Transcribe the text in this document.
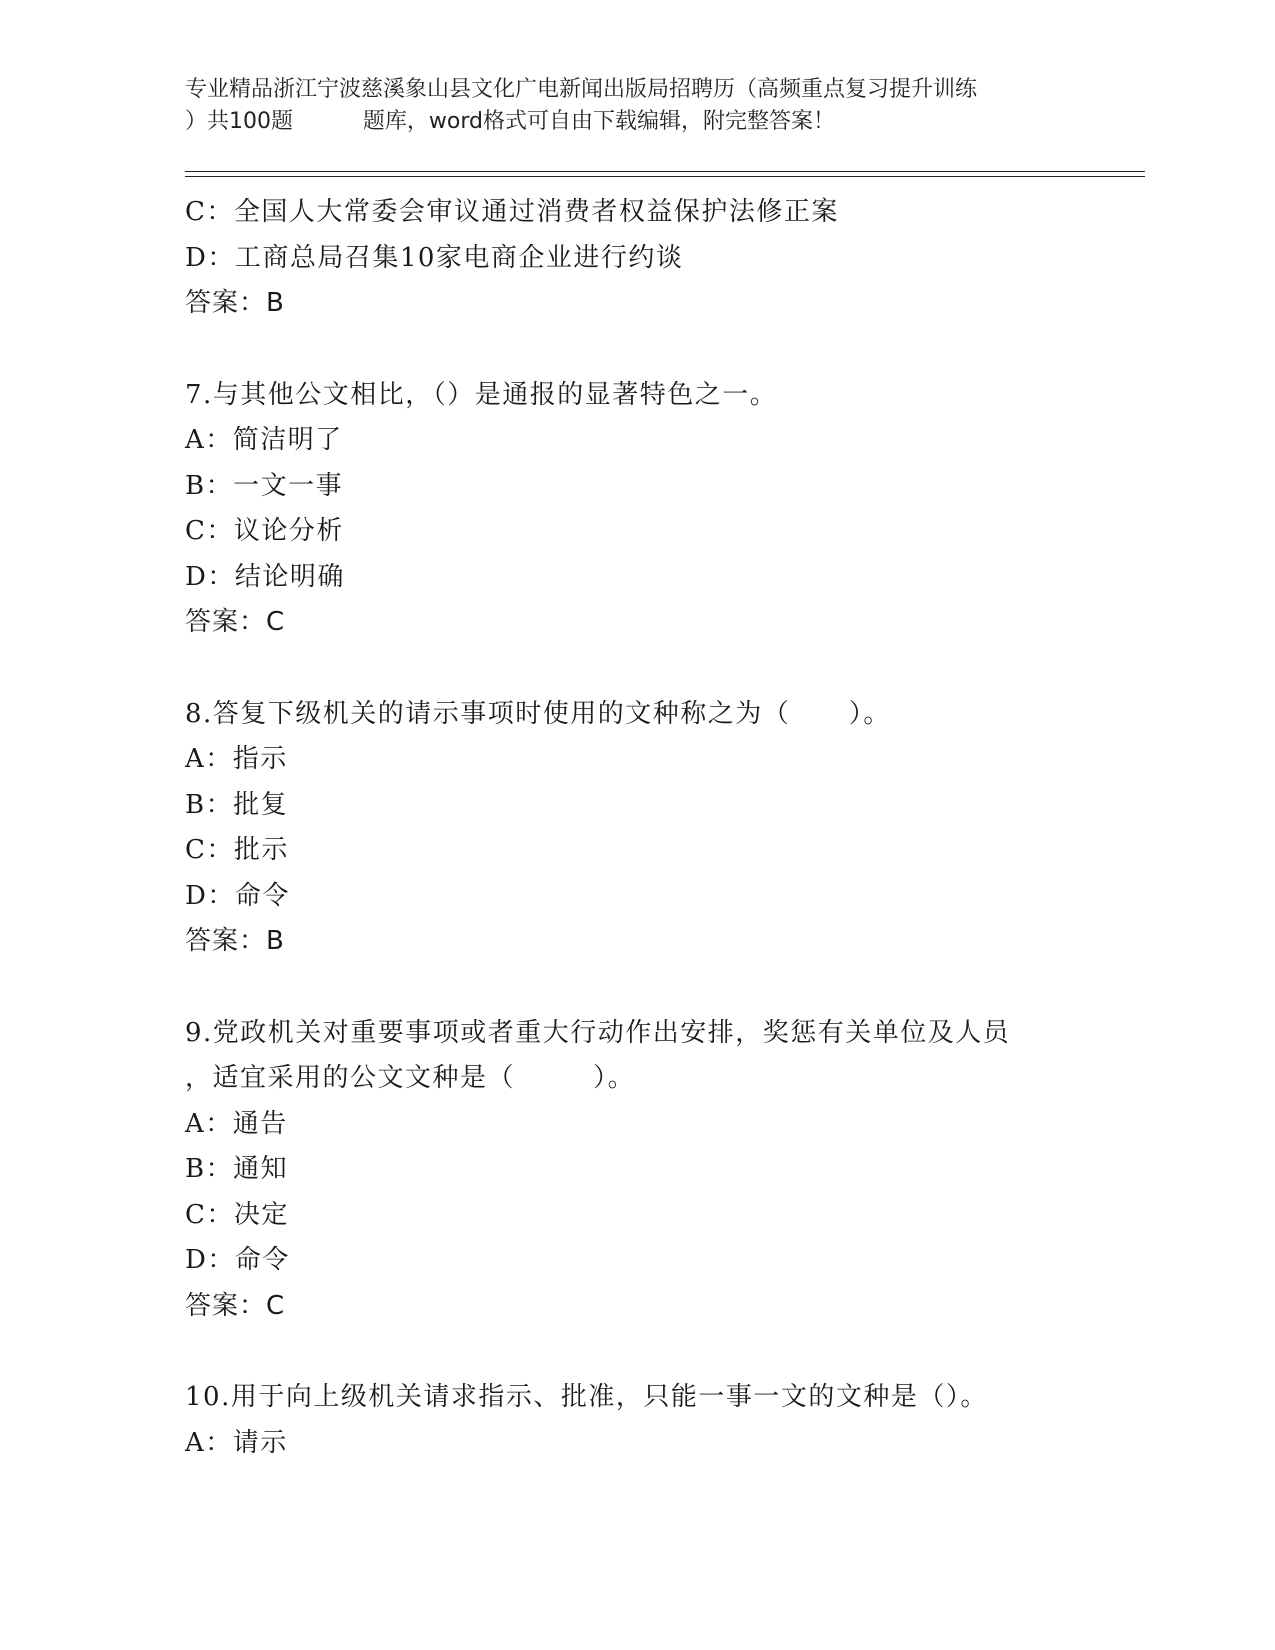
专业精品浙江宁波慈溪象山县文化广电新闻出版局招聘历（高频重点复习提升训练
）共100题          题库，word格式可自由下载编辑，附完整答案！
C：全国人大常委会审议通过消费者权益保护法修正案
D：工商总局召集10家电商企业进行约谈
答案：B
7.与其他公文相比，（）是通报的显著特色之一。
A：简洁明了
B：一文一事
C：议论分析
D：结论明确
答案：C
8.答复下级机关的请示事项时使用的文种称之为（      ）。
A：指示
B：批复
C：批示
D：命令
答案：B
9.党政机关对重要事项或者重大行动作出安排，奖惩有关单位及人员
，适宜采用的公文文种是（        ）。
A：通告
B：通知
C：决定
D：命令
答案：C
10.用于向上级机关请求指示、批准，只能一事一文的文种是（）。
A：请示
